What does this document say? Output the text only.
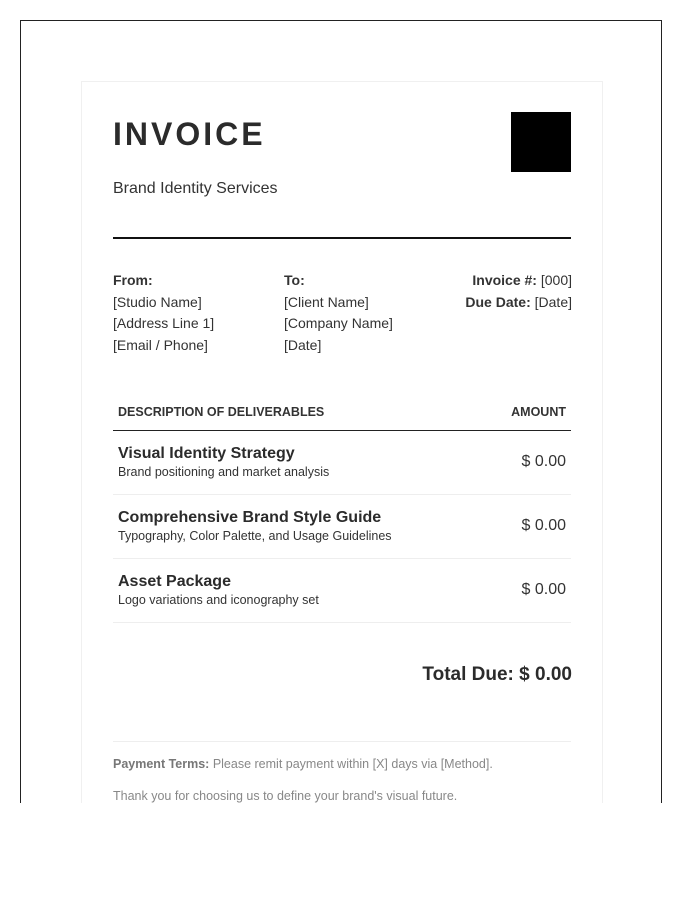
INVOICE
Brand Identity Services
From:
[Studio Name]
[Address Line 1]
[Email / Phone]
To:
[Client Name]
[Company Name]
[Date]
Invoice #: [000]
Due Date: [Date]
DESCRIPTION OF DELIVERABLES	AMOUNT
Visual Identity Strategy
Brand positioning and market analysis
$ 0.00
Comprehensive Brand Style Guide
Typography, Color Palette, and Usage Guidelines
$ 0.00
Asset Package
Logo variations and iconography set
$ 0.00
Total Due: $ 0.00
Payment Terms: Please remit payment within [X] days via [Method].
Thank you for choosing us to define your brand's visual future.
